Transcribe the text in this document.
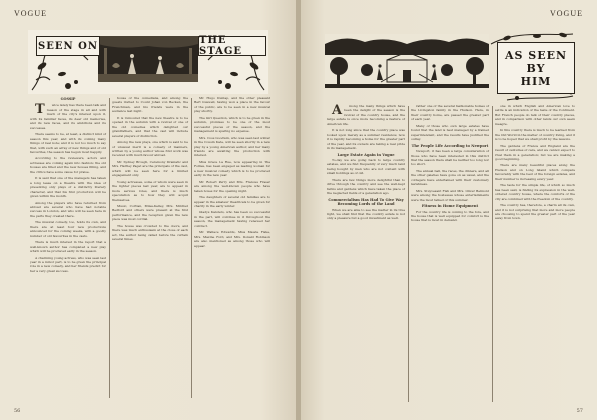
VOGUE
SEEN ON	THE STAGE
GOSSIP

T wice lately has there been talk and reason of the stage in all and with much of the city's interest upon it, with its familiar faces, its dear old memories, and its new faces, and its ambitions and its successes.

There seems to be, at least, a distinct kind of season this year, and with its coming many things of real note; and it is not too much to say that, with such an array of new things and of old favourites, the season has begun most happily.

According to the reviewers, actors and actresses are coming again into fashion; the old houses are filled and the new houses filling, and the critics have some cause for praise.

It is said that one of the managers has taken a long lease on a theatre with the idea of presenting only plays of a distinctly literary character, and that his first production will be given within the month.

Among the players who have returned from abroad are several who have had notable success in London, and who will be seen here in the parts they created there.

The musical comedy, too, holds its own, and there are at least four new productions announced for the coming weeks, with a goodly number of old favourites in the casts.

There is much interest in the report that a well-known author has completed a new play which will be produced early in the season.

A charming young actress, who was seen last year in a minor part, is to be given the principal role in a new comedy, and her friends predict for her a very great success.

house of the comedians, and among the guests invited to Count Johan von Becken, the Frenchman, and his friends were in the audience last night.

It is rumoured that the new theatre is to be opened in the autumn with a revival of one of the old comedies which delighted our grandfathers, and that the cast will include several players of distinction.

Among the new plays, one which is said to be of unusual merit is a comedy of manners, written by a young author whose first work was received with much favour abroad.

Mr. Sydney Brough, Ceremony Dramatic and Mrs. Hartley Paget are the principals of the cast, which will be seen here for a limited engagement only.

Young actresses, some of whom were seen in the lighter pieces last year, are to appear in more serious roles, and there is much speculation as to how they will acquit themselves.

Music, Cortlan, Miles-Kelley, Mrs. Mildred Bedford and others were present at the first performance, and the reception given the new piece was most cordial.

The house was crowded to the doors, and there was much enthusiasm at the close of each act, the author being called before the curtain several times.

Mr. Hugo Dunlap, and the other pleasant Bert Guswell, having won a place in the favour of the public, are to be seen in a new musical play shortly.

The Girl Question, which is to be given in the autumn, promises to be one of the most successful pieces of the season, and the management is sparing no expense.

Mrs. Coss Goodwin, who was seen last winter in the Cousin Kate, will be seen shortly in a new play by a young American author, and her many friends are awaiting the production with interest.

Miss Grace La Rue, now appearing in The Follies, has been engaged as leading woman for a new musical comedy which is to be produced early in the new year.

Mr. Robert Perry and Mrs. Frances Fraser are among the well-known people who have taken boxes for the opening night.

The daughters of several old families are to appear in the amateur theatricals to be given for charity in the early winter.

Gladys Kanders, who has been so successful in the part, will continue in it throughout the season, the management having renewed her contract.

Mr. Wallace Edwards, Miss Maude Fiske, Mrs. Maxine Ford, and Mrs. Donald Robinson are also mentioned as among those who will appear.

56
VOGUE
AS SEEN
BY
HIM

A mong the many things which have been the delight of the season is the revival of the country house, and the large estate is once more becoming a feature of American life.

It is not long since that the country place was looked upon merely as a summer residence; now it is rapidly becoming a home for the greater part of the year, and its owners are taking a real pride in its management.

Large Estate Again in Vogue

To-day we are going back to large country estates, and we find frequently of very much land being bought by men who are not content with small holdings as of old.

There are few things more delightful than to drive through the country and see the well-kept farms and gardens which have taken the place of the neglected fields of a generation ago.

Commercialism Has Had To Give Way Becoming Lords of the Land

When we are able to see the matter in its true light, we shall find that the country estate is not only a pleasure but a good investment as well.

rather one of the several fashionable homes of the Livingston family in the Hudson. Here, in their country home, are passed the greater part of each year.

Many of those who own large estates have found that the land is best managed by a trained superintendent, and the results have justified the outlay.

The People Life According to Newport

Newport, it has been a large consideration of those who have been interested in this district that the season there shall be neither too long nor too short.

The annual ball, the races, the dinners, and all the other gaieties have gone on as usual, and the cottagers have entertained with their customary lavishness.

Mrs. Stuyvesant Fish and Mrs. Oliver Belmont were among the hostesses whose entertainments were the most talked of this summer.

Fitness in Home Equipment

For the country life is coming to the fore, and the house that is well equipped for comfort is the house that is most in demand.

one in which English and American love to settle is an indication of the taste of the Continent. But French people do talk of their country places, and in comparison with other lands our own seem meagre.

In this country there is much to be learned from the Old World in the matter of country living, and it is to be hoped that we shall profit by the lessons.

The gardens of France and England are the result of centuries of care, and we cannot expect to rival them in a generation; but we are making a good beginning.

There are many beautiful places along the Hudson and on Long Island which compare favourably with the best of the foreign estates, and their number is increasing every year.

The taste for the simple life, of which so much has been said, is finding its expression in the well-ordered country house, where the comforts of the city are combined with the freedom of the country.

The country has, therefore, a charm all its own, and it is not surprising that more and more people are choosing to spend the greater part of the year away from town.

57
